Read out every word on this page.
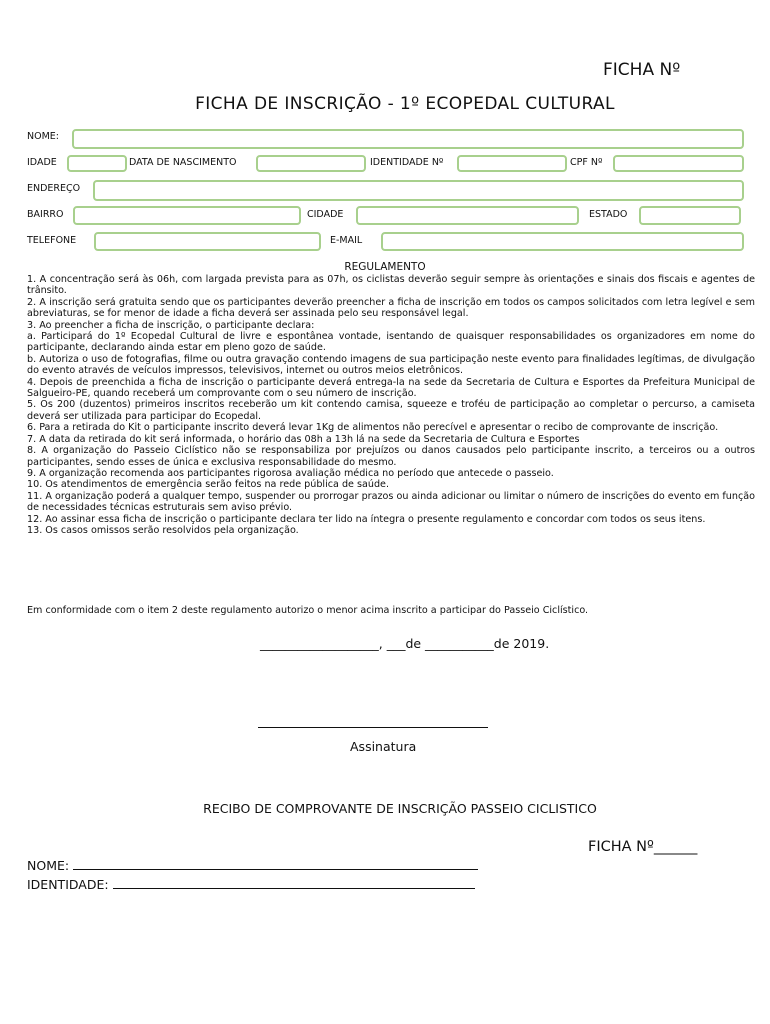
FICHA Nº
FICHA DE INSCRIÇÃO - 1º ECOPEDAL CULTURAL
NOME:
IDADE	DATA DE NASCIMENTO	IDENTIDADE Nº	CPF Nº
ENDEREÇO
BAIRRO	CIDADE	ESTADO
TELEFONE	E-MAIL
REGULAMENTO
1. A concentração será às 06h, com largada prevista para as 07h, os ciclistas deverão seguir sempre às orientações e sinais dos fiscais e agentes de trânsito.
2. A inscrição será gratuita sendo que os participantes deverão preencher a ficha de inscrição em todos os campos solicitados com letra legível e sem abreviaturas, se for menor de idade a ficha deverá ser assinada pelo seu responsável legal.
3. Ao preencher a ficha de inscrição, o participante declara:
a. Participará do 1º Ecopedal Cultural de livre e espontânea vontade, isentando de quaisquer responsabilidades os organizadores em nome do participante, declarando ainda estar em pleno gozo de saúde.
b. Autoriza o uso de fotografias, filme ou outra gravação contendo imagens de sua participação neste evento para finalidades legítimas, de divulgação do evento através de veículos impressos, televisivos, internet ou outros meios eletrônicos.
4. Depois de preenchida a ficha de inscrição o participante deverá entrega-la na sede da Secretaria de Cultura e Esportes da Prefeitura Municipal de Salgueiro-PE, quando receberá um comprovante com o seu número de inscrição.
5. Os 200 (duzentos) primeiros inscritos receberão um kit contendo camisa, squeeze e troféu de participação ao completar o percurso, a camiseta deverá ser utilizada para participar do Ecopedal.
6. Para a retirada do Kit o participante inscrito deverá levar 1Kg de alimentos não perecível e apresentar o recibo de comprovante de inscrição.
7. A data da retirada do kit será informada, o horário das 08h a 13h lá na sede da Secretaria de Cultura e Esportes
8. A organização do Passeio Ciclístico não se responsabiliza por prejuízos ou danos causados pelo participante inscrito, a terceiros ou a outros participantes, sendo esses de única e exclusiva responsabilidade do mesmo.
9. A organização recomenda aos participantes rigorosa avaliação médica no período que antecede o passeio.
10. Os atendimentos de emergência serão feitos na rede pública de saúde.
11. A organização poderá a qualquer tempo, suspender ou prorrogar prazos ou ainda adicionar ou limitar o número de inscrições do evento em função de necessidades técnicas estruturais sem aviso prévio.
12. Ao assinar essa ficha de inscrição o participante declara ter lido na íntegra o presente regulamento e concordar com todos os seus itens.
13. Os casos omissos serão resolvidos pela organização.
Em conformidade com o item 2 deste regulamento autorizo o menor acima inscrito a participar do Passeio Ciclístico.
___________________, ___de ___________de 2019.
Assinatura
RECIBO DE COMPROVANTE DE INSCRIÇÃO PASSEIO CICLISTICO
FICHA Nº______
NOME:
IDENTIDADE:
